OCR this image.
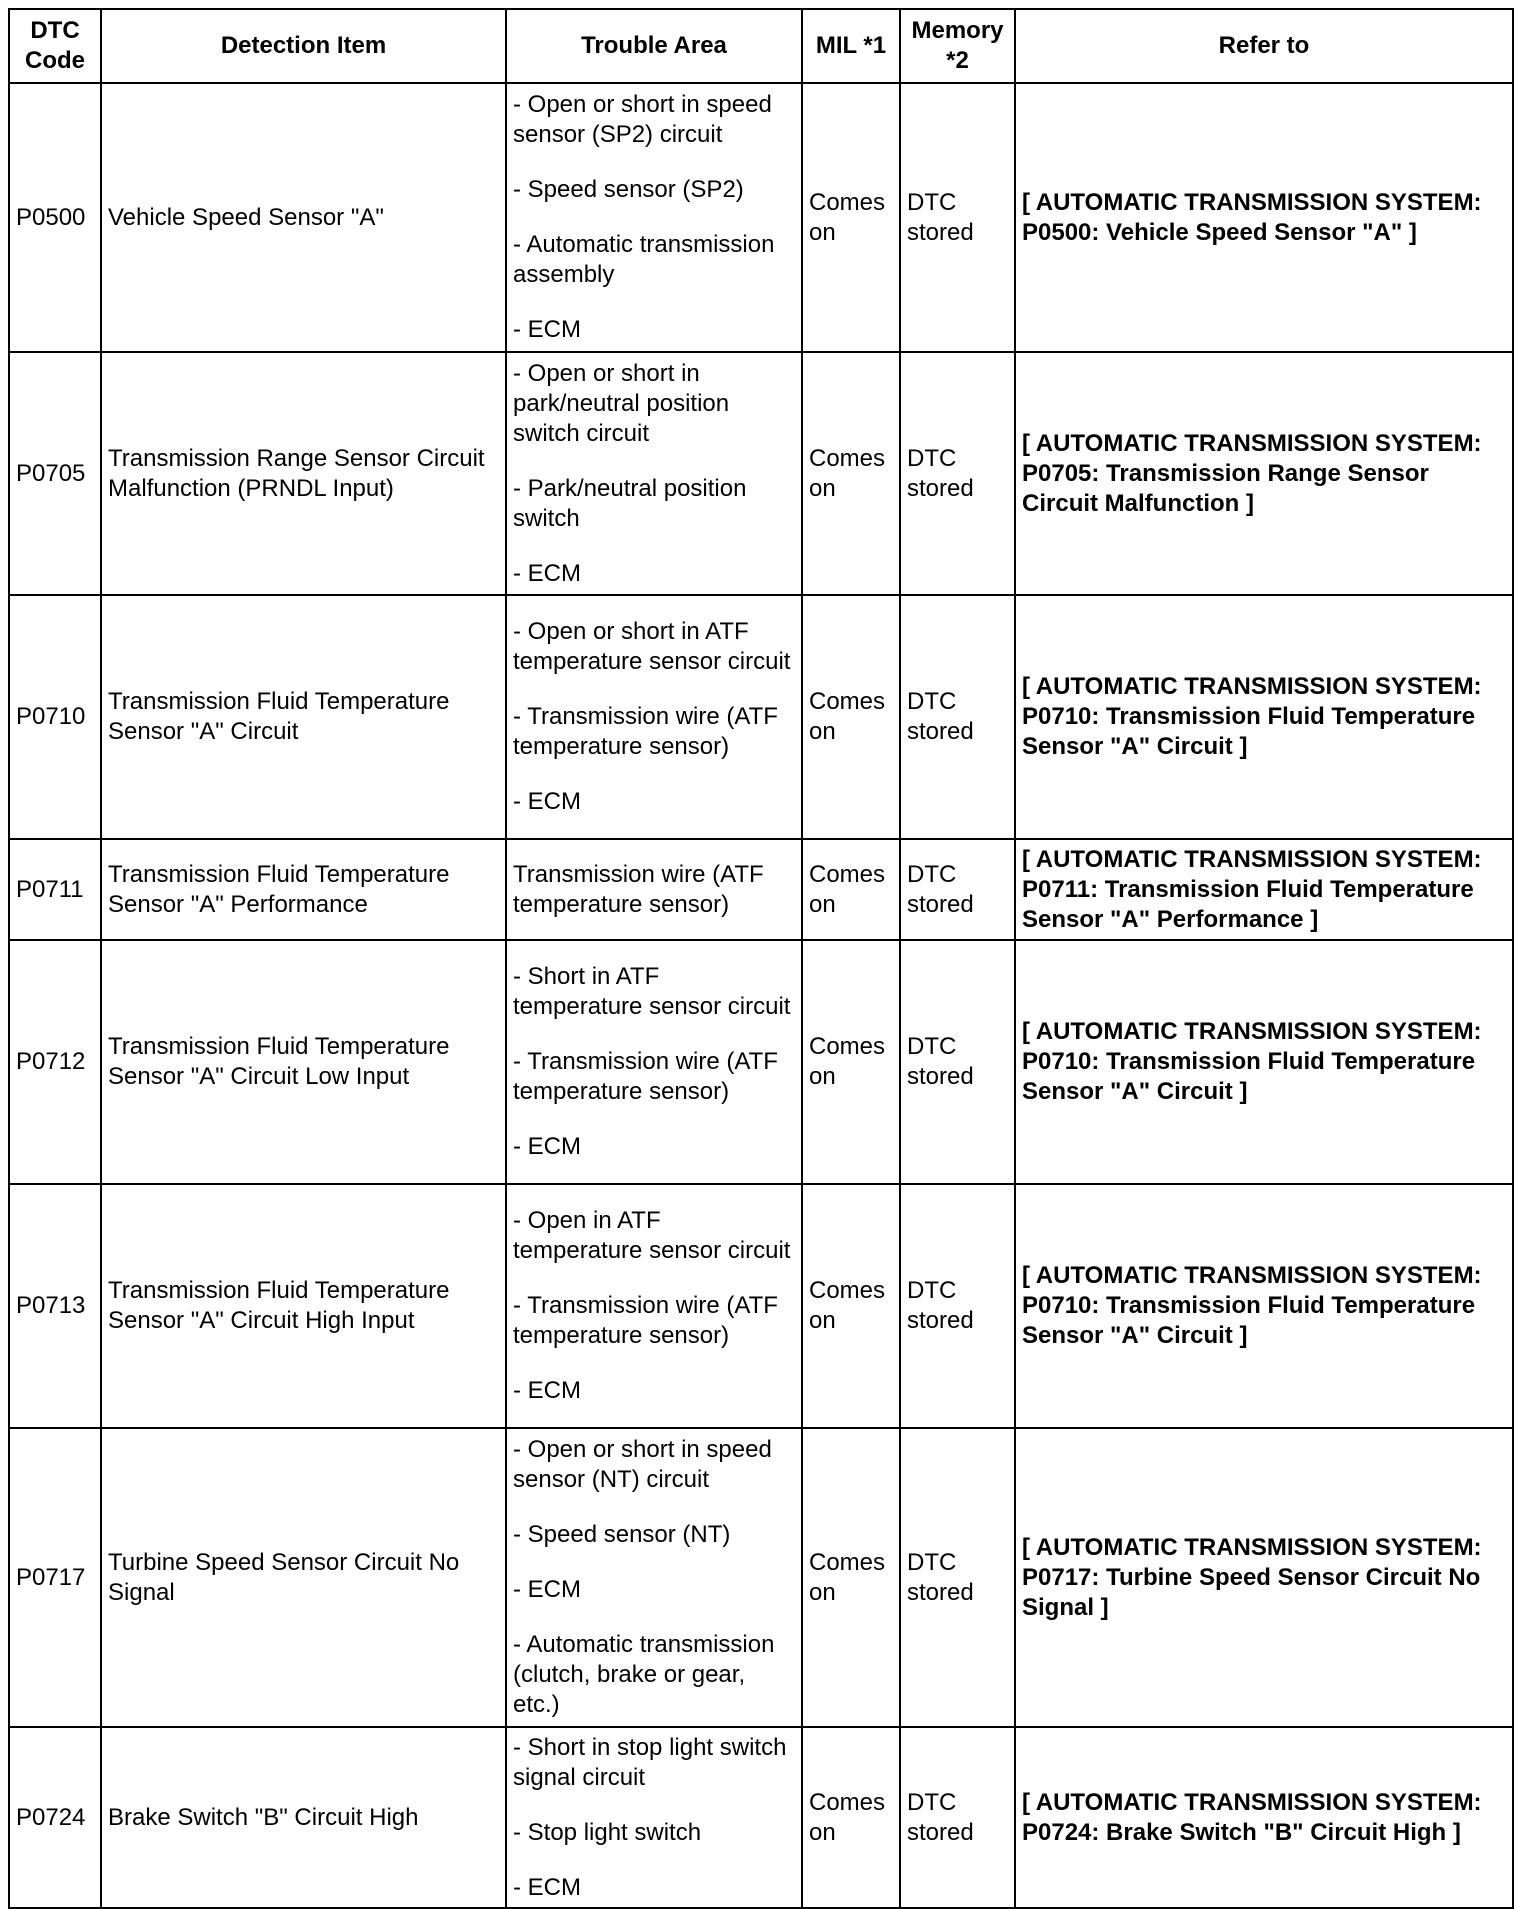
DTC Code	Detection Item	Trouble Area	MIL *1	Memory *2	Refer to
P0500	Vehicle Speed Sensor "A"	- Open or short in speed sensor (SP2) circuit
- Speed sensor (SP2)
- Automatic transmission assembly
- ECM	Comes on	DTC stored	[ AUTOMATIC TRANSMISSION SYSTEM: P0500: Vehicle Speed Sensor "A" ]
P0705	Transmission Range Sensor Circuit Malfunction (PRNDL Input)	- Open or short in park/neutral position switch circuit
- Park/neutral position switch
- ECM	Comes on	DTC stored	[ AUTOMATIC TRANSMISSION SYSTEM: P0705: Transmission Range Sensor Circuit Malfunction ]
P0710	Transmission Fluid Temperature Sensor "A" Circuit	- Open or short in ATF temperature sensor circuit
- Transmission wire (ATF temperature sensor)
- ECM	Comes on	DTC stored	[ AUTOMATIC TRANSMISSION SYSTEM: P0710: Transmission Fluid Temperature Sensor "A" Circuit ]
P0711	Transmission Fluid Temperature Sensor "A" Performance	Transmission wire (ATF temperature sensor)	Comes on	DTC stored	[ AUTOMATIC TRANSMISSION SYSTEM: P0711: Transmission Fluid Temperature Sensor "A" Performance ]
P0712	Transmission Fluid Temperature Sensor "A" Circuit Low Input	- Short in ATF temperature sensor circuit
- Transmission wire (ATF temperature sensor)
- ECM	Comes on	DTC stored	[ AUTOMATIC TRANSMISSION SYSTEM: P0710: Transmission Fluid Temperature Sensor "A" Circuit ]
P0713	Transmission Fluid Temperature Sensor "A" Circuit High Input	- Open in ATF temperature sensor circuit
- Transmission wire (ATF temperature sensor)
- ECM	Comes on	DTC stored	[ AUTOMATIC TRANSMISSION SYSTEM: P0710: Transmission Fluid Temperature Sensor "A" Circuit ]
P0717	Turbine Speed Sensor Circuit No Signal	- Open or short in speed sensor (NT) circuit
- Speed sensor (NT)
- ECM
- Automatic transmission (clutch, brake or gear, etc.)	Comes on	DTC stored	[ AUTOMATIC TRANSMISSION SYSTEM: P0717: Turbine Speed Sensor Circuit No Signal ]
P0724	Brake Switch "B" Circuit High	- Short in stop light switch signal circuit
- Stop light switch
- ECM	Comes on	DTC stored	[ AUTOMATIC TRANSMISSION SYSTEM: P0724: Brake Switch "B" Circuit High ]
